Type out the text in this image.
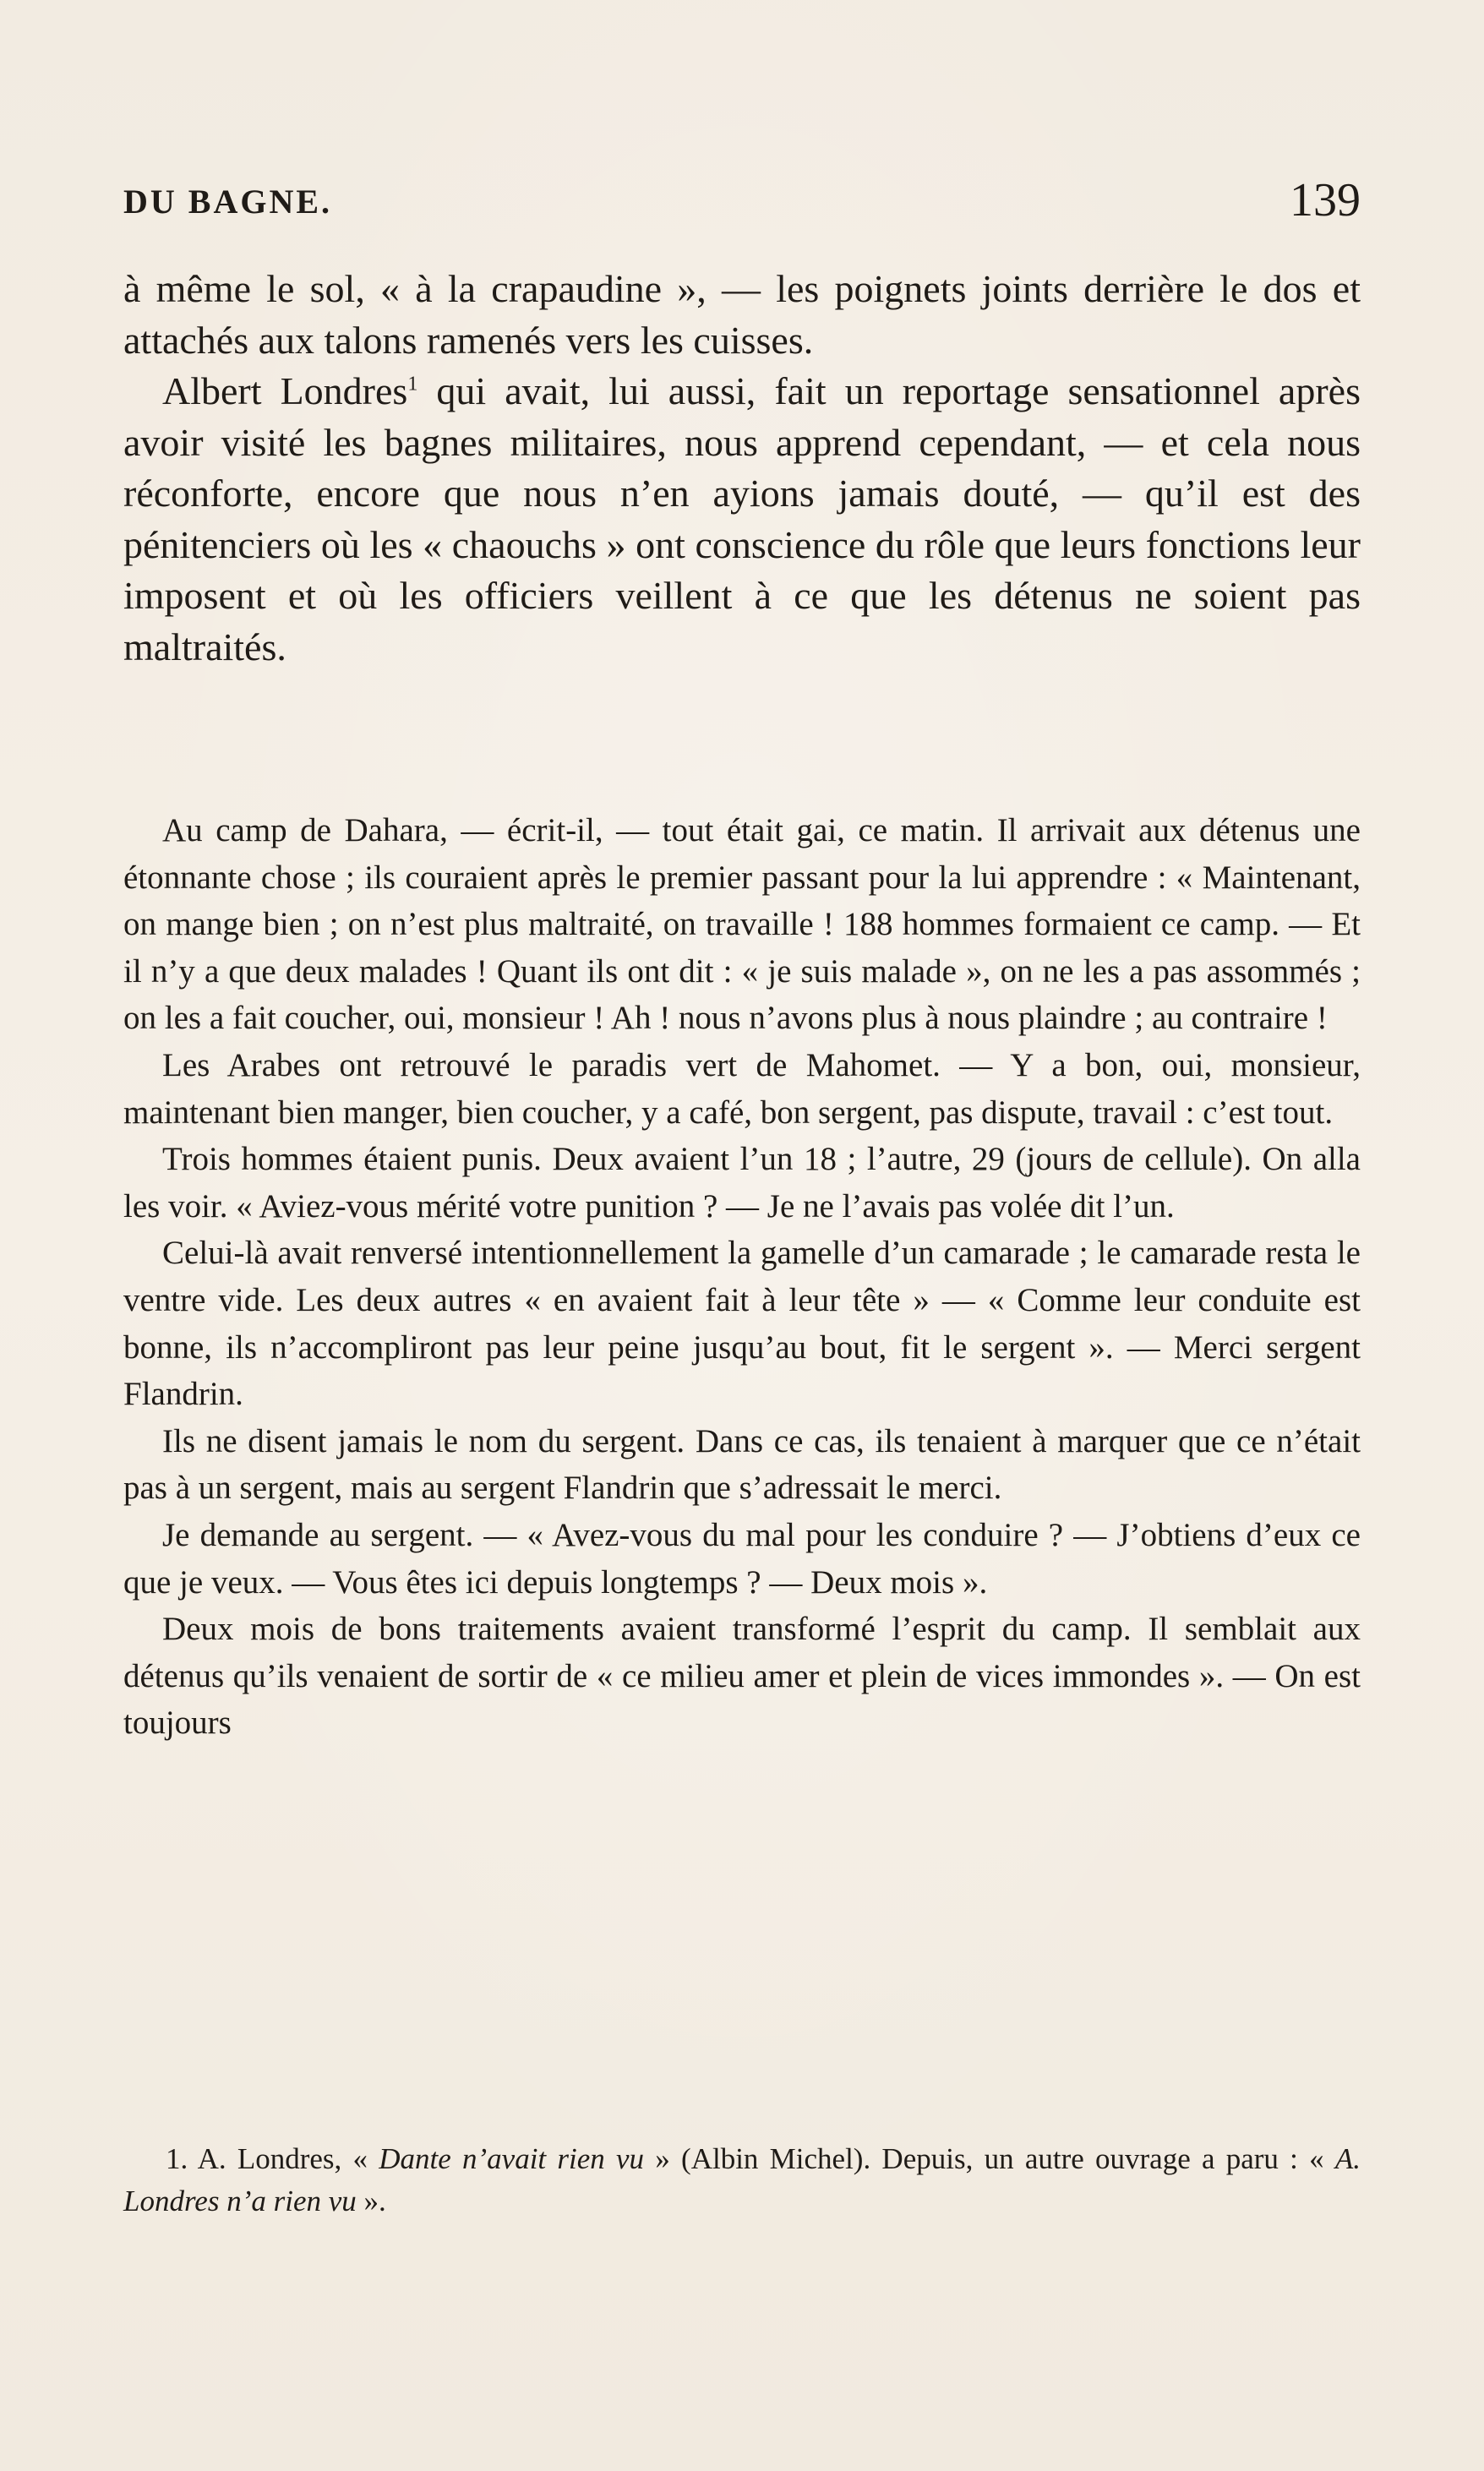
DU BAGNE.	139

à même le sol, « à la crapaudine », — les poignets joints derrière le dos et attachés aux talons ramenés vers les cuisses.

Albert Londres$^1$ qui avait, lui aussi, fait un reportage sensationnel après avoir visité les bagnes militaires, nous apprend cependant, — et cela nous réconforte, encore que nous n’en ayions jamais douté, — qu’il est des pénitenciers où les « chaouchs » ont conscience du rôle que leurs fonctions leur imposent et où les officiers veillent à ce que les détenus ne soient pas maltraités.

Au camp de Dahara, — écrit-il, — tout était gai, ce matin. Il arrivait aux détenus une étonnante chose ; ils couraient après le premier passant pour la lui apprendre : « Maintenant, on mange bien ; on n’est plus maltraité, on travaille ! 188 hommes formaient ce camp. — Et il n’y a que deux malades ! Quant ils ont dit : « je suis malade », on ne les a pas assommés ; on les a fait coucher, oui, monsieur ! Ah ! nous n’avons plus à nous plaindre ; au contraire !

Les Arabes ont retrouvé le paradis vert de Mahomet. — Y a bon, oui, monsieur, maintenant bien manger, bien coucher, y a café, bon sergent, pas dispute, travail : c’est tout.

Trois hommes étaient punis. Deux avaient l’un 18 ; l’autre, 29 (jours de cellule). On alla les voir. « Aviez-vous mérité votre punition ? — Je ne l’avais pas volée dit l’un.

Celui-là avait renversé intentionnellement la gamelle d’un camarade ; le camarade resta le ventre vide. Les deux autres « en avaient fait à leur tête » — « Comme leur conduite est bonne, ils n’accompliront pas leur peine jusqu’au bout, fit le sergent ». — Merci sergent Flandrin.

Ils ne disent jamais le nom du sergent. Dans ce cas, ils tenaient à marquer que ce n’était pas à un sergent, mais au sergent Flandrin que s’adressait le merci.

Je demande au sergent. — « Avez-vous du mal pour les conduire ? — J’obtiens d’eux ce que je veux. — Vous êtes ici depuis longtemps ? — Deux mois ».

Deux mois de bons traitements avaient transformé l’esprit du camp. Il semblait aux détenus qu’ils venaient de sortir de « ce milieu amer et plein de vices immondes ». — On est toujours

1. A. Londres, « Dante n’avait rien vu » (Albin Michel). Depuis, un autre ouvrage a paru : « A. Londres n’a rien vu ».
